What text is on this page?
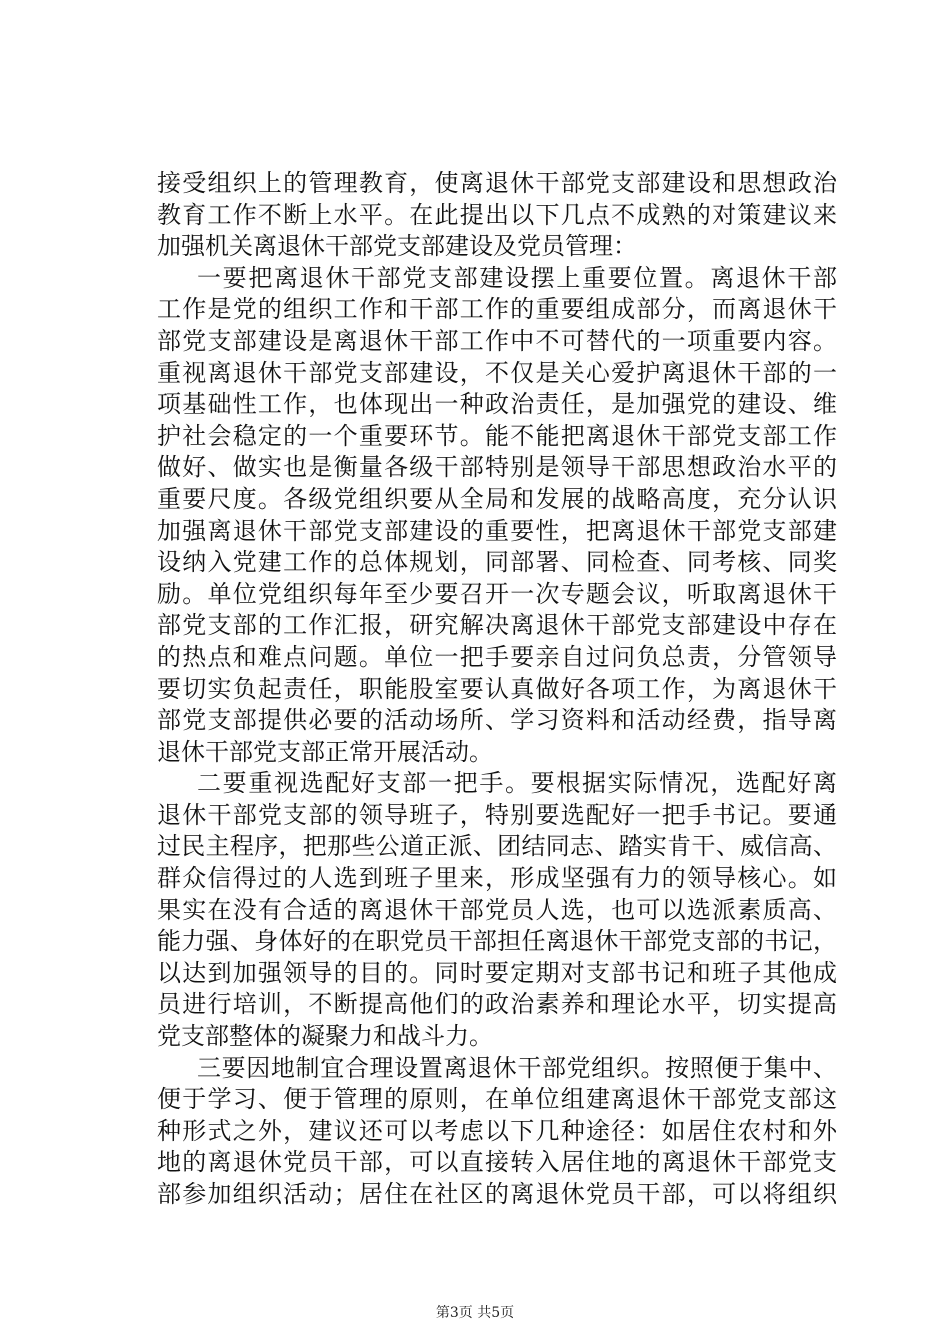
接受组织上的管理教育，使离退休干部党支部建设和思想政治
教育工作不断上水平。在此提出以下几点不成熟的对策建议来
加强机关离退休干部党支部建设及党员管理：
一要把离退休干部党支部建设摆上重要位置。离退休干部
工作是党的组织工作和干部工作的重要组成部分，而离退休干
部党支部建设是离退休干部工作中不可替代的一项重要内容。
重视离退休干部党支部建设，不仅是关心爱护离退休干部的一
项基础性工作，也体现出一种政治责任，是加强党的建设、维
护社会稳定的一个重要环节。能不能把离退休干部党支部工作
做好、做实也是衡量各级干部特别是领导干部思想政治水平的
重要尺度。各级党组织要从全局和发展的战略高度，充分认识
加强离退休干部党支部建设的重要性，把离退休干部党支部建
设纳入党建工作的总体规划，同部署、同检查、同考核、同奖
励。单位党组织每年至少要召开一次专题会议，听取离退休干
部党支部的工作汇报，研究解决离退休干部党支部建设中存在
的热点和难点问题。单位一把手要亲自过问负总责，分管领导
要切实负起责任，职能股室要认真做好各项工作，为离退休干
部党支部提供必要的活动场所、学习资料和活动经费，指导离
退休干部党支部正常开展活动。
二要重视选配好支部一把手。要根据实际情况，选配好离
退休干部党支部的领导班子，特别要选配好一把手书记。要通
过民主程序，把那些公道正派、团结同志、踏实肯干、威信高、
群众信得过的人选到班子里来，形成坚强有力的领导核心。如
果实在没有合适的离退休干部党员人选，也可以选派素质高、
能力强、身体好的在职党员干部担任离退休干部党支部的书记，
以达到加强领导的目的。同时要定期对支部书记和班子其他成
员进行培训，不断提高他们的政治素养和理论水平，切实提高
党支部整体的凝聚力和战斗力。
三要因地制宜合理设置离退休干部党组织。按照便于集中、
便于学习、便于管理的原则，在单位组建离退休干部党支部这
种形式之外，建议还可以考虑以下几种途径：如居住农村和外
地的离退休党员干部，可以直接转入居住地的离退休干部党支
部参加组织活动；居住在社区的离退休党员干部，可以将组织
第3页 共5页
